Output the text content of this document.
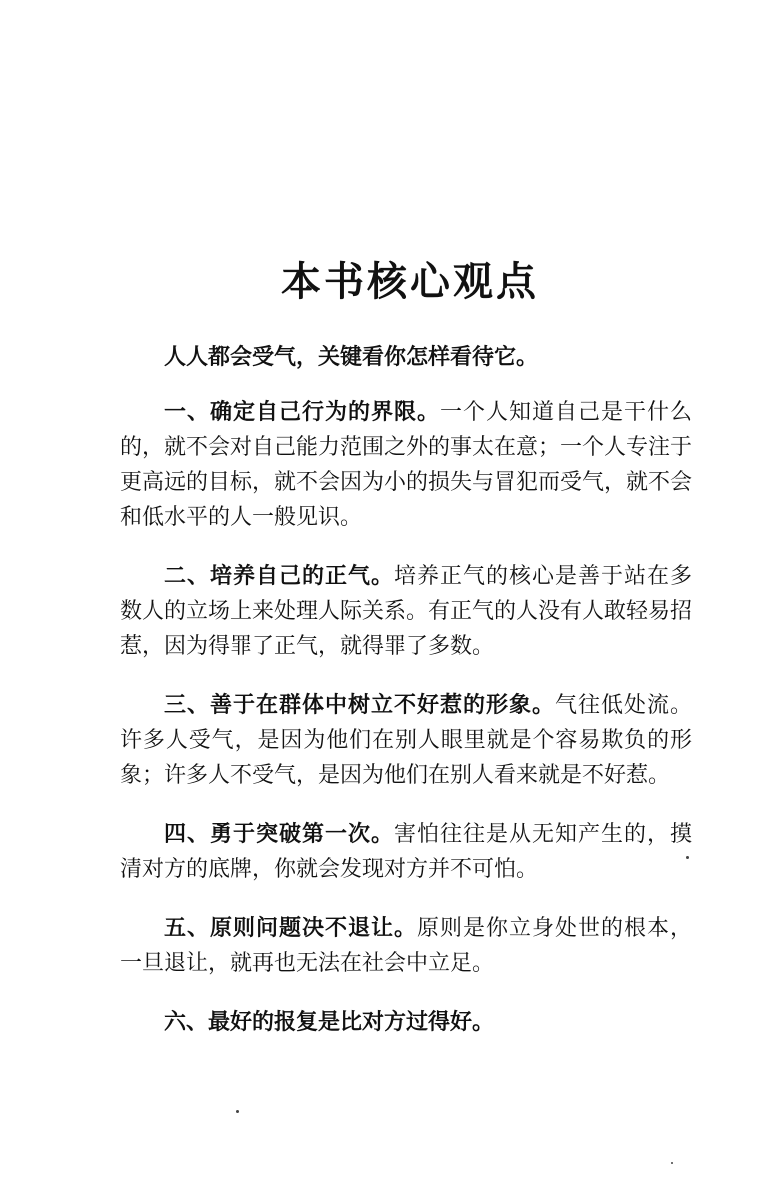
本书核心观点

人人都会受气，关键看你怎样看待它。

一、确定自己行为的界限。一个人知道自己是干什么的，就不会对自己能力范围之外的事太在意；一个人专注于更高远的目标，就不会因为小的损失与冒犯而受气，就不会和低水平的人一般见识。

二、培养自己的正气。培养正气的核心是善于站在多数人的立场上来处理人际关系。有正气的人没有人敢轻易招惹，因为得罪了正气，就得罪了多数。

三、善于在群体中树立不好惹的形象。气往低处流。许多人受气，是因为他们在别人眼里就是个容易欺负的形象；许多人不受气，是因为他们在别人看来就是不好惹。

四、勇于突破第一次。害怕往往是从无知产生的，摸清对方的底牌，你就会发现对方并不可怕。

五、原则问题决不退让。原则是你立身处世的根本，一旦退让，就再也无法在社会中立足。

六、最好的报复是比对方过得好。
